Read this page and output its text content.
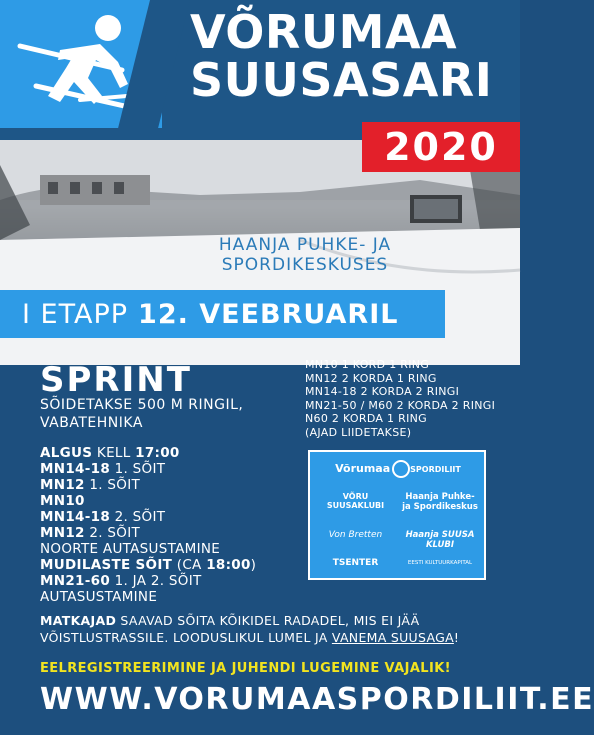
VÕRUMAA
SUUSASARI
HAANJA PUHKE- JA
SPORDIKESKUSES
2020
I ETAPP 12. VEEBRUARIL
SPRINT
SÕIDETAKSE 500 M RINGIL,
VABATEHNIKA
MN10 1 KORD 1 RING
MN12 2 KORDA 1 RING
MN14-18 2 KORDA 2 RINGI
MN21-50 / M60 2 KORDA 2 RINGI
N60 2 KORDA 1 RING
(AJAD LIIDETAKSE)
ALGUS KELL 17:00
MN14-18 1. SÕIT
MN12 1. SÕIT
MN10
MN14-18 2. SÕIT
MN12 2. SÕIT
NOORTE AUTASUSTAMINE
MUDILASTE SÕIT (CA 18:00)
MN21-60 1. JA 2. SÕIT
AUTASUSTAMINE
Võrumaa	SPORDILIIT
VÕRU
SUUSAKLUBI
Haanja Puhke-
ja Spordikeskus
Von Bretten	Haanja SUUSA KLUBI
TSENTER	EESTI KULTUURKAPITAL
MATKAJAD SAAVAD SÕITA KÕIKIDEL RADADEL, MIS EI JÄÄ VÕISTLUSTRASSILE. LOODUSLIKUL LUMEL JA VANEMA SUUSAGA!
EELREGISTREERIMINE JA JUHENDI LUGEMINE VAJALIK!
WWW.VORUMAASPORDILIIT.EE
